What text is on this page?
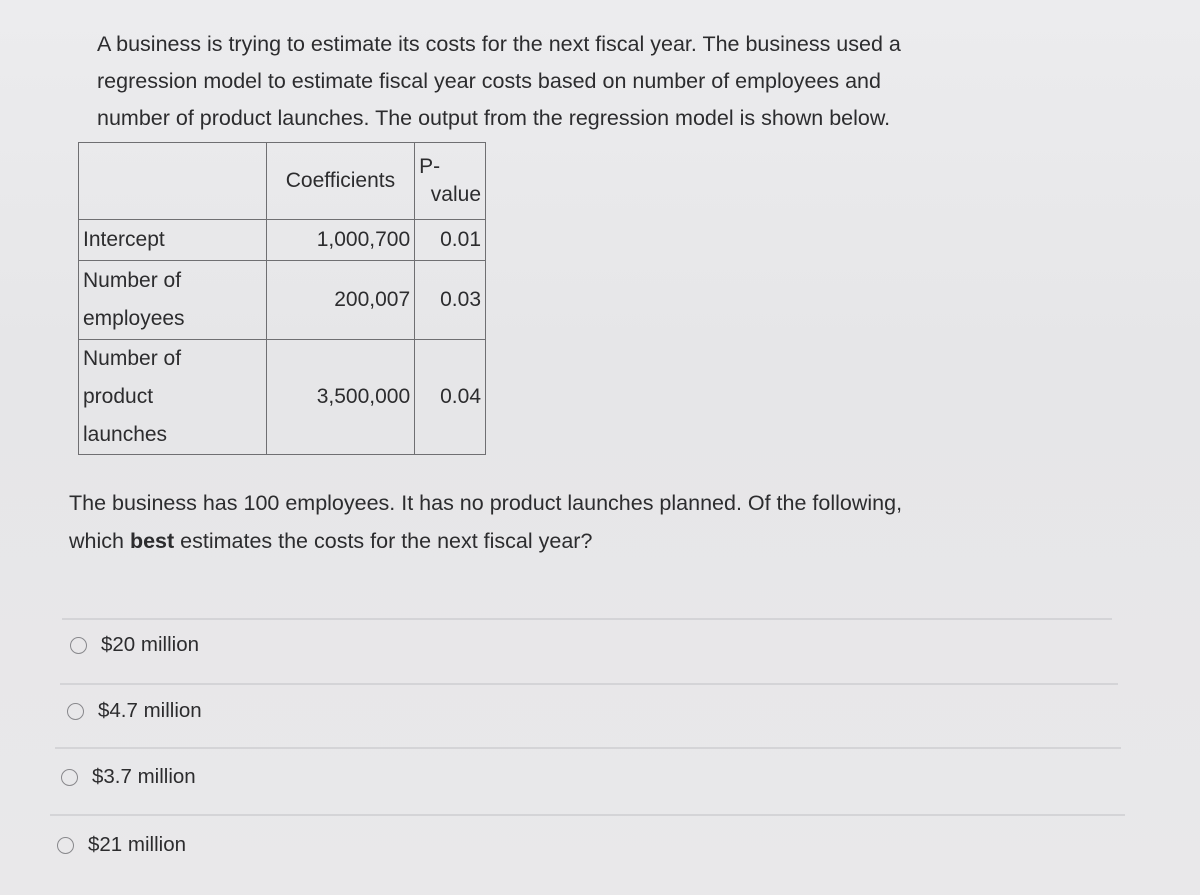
A business is trying to estimate its costs for the next fiscal year. The business used a
regression model to estimate fiscal year costs based on number of employees and
number of product launches. The output from the regression model is shown below.
	Coefficients	P-
value

Intercept	1,000,700	0.01

Number of
employees	200,007	0.03

Number of
product
launches	3,500,000	0.04
The business has 100 employees. It has no product launches planned. Of the following,
which best estimates the costs for the next fiscal year?
$20 million
$4.7 million
$3.7 million
$21 million
